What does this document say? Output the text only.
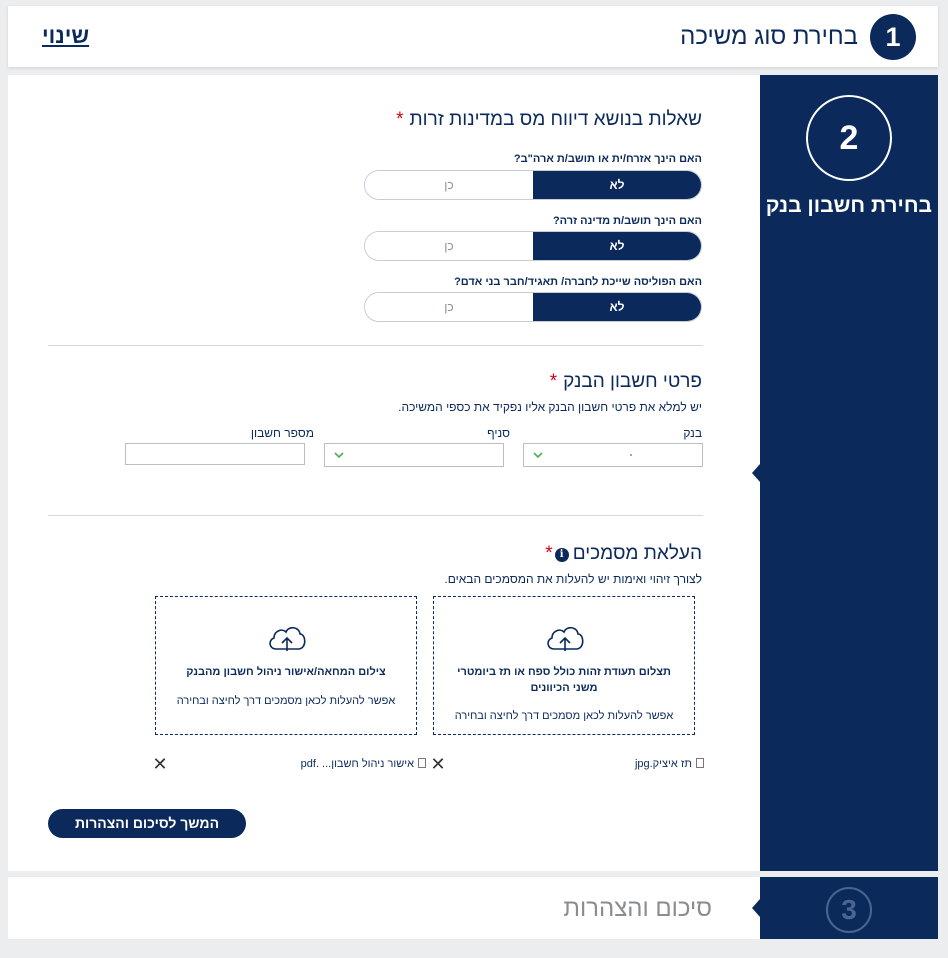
1
בחירת סוג משיכה
שינוי
2
בחירת חשבון בנק
שאלות בנושא דיווח מס במדינות זרות*
האם הינך אזרח/ית או תושב/ת ארה"ב?
לא
כן
האם הינך תושב/ת מדינה זרה?
לא
כן
האם הפוליסה שייכת לחברה/ תאגיד/חבר בני אדם?
לא
כן
פרטי חשבון הבנק*
יש למלא את פרטי חשבון הבנק אליו נפקיד את כספי המשיכה.
בנק
סניף
מספר חשבון
העלאת מסמכיםi*
לצורך זיהוי ואימות יש להעלות את המסמכים הבאים.
תצלום תעודת זהות כולל ספח או תז ביומטרי משני הכיוונים
אפשר להעלות לכאן מסמכים דרך לחיצה ובחירה
צילום המחאה/אישור ניהול חשבון מהבנק
אפשר להעלות לכאן מסמכים דרך לחיצה ובחירה
תז איציק.jpg
✕
אישור ניהול חשבון... .pdf
✕
המשך לסיכום והצהרות
3
סיכום והצהרות
